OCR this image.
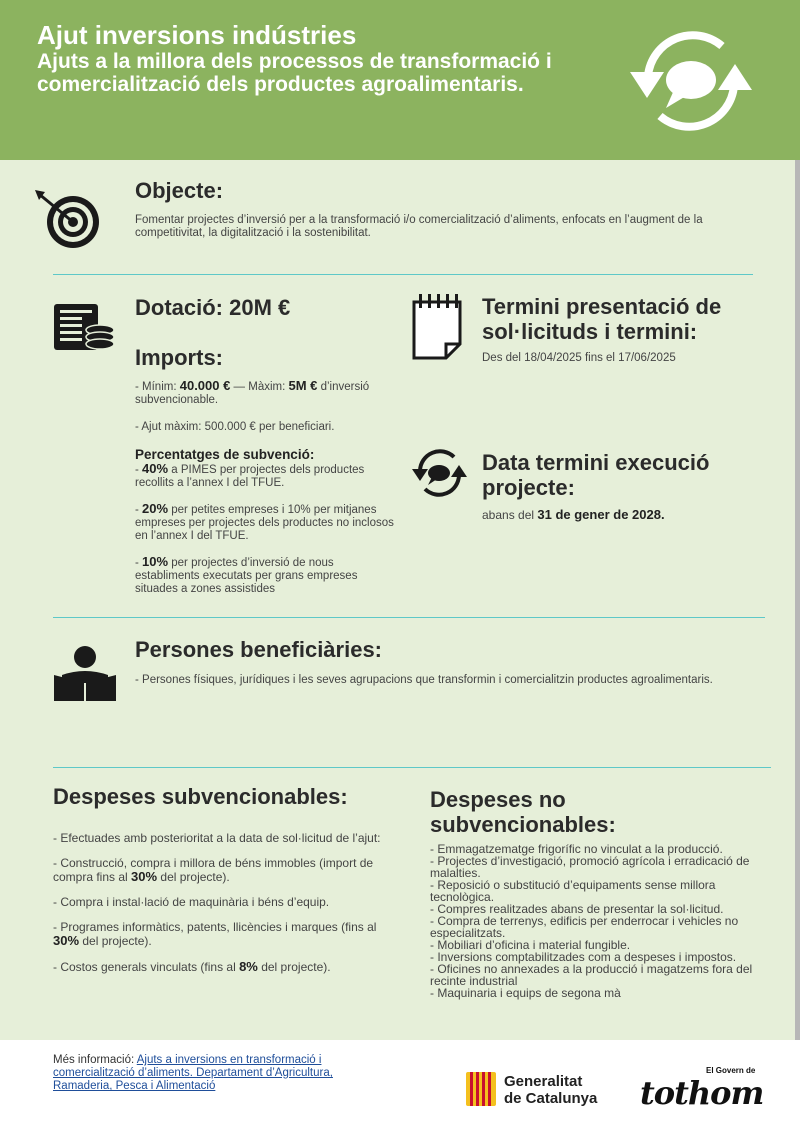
Ajut inversions indústries
Ajuts a la millora dels processos de transformació i comercialització dels productes agroalimentaris.
Objecte:
Fomentar projectes d’inversió per a la transformació i/o comercialització d’aliments, enfocats en l’augment de la competitivitat, la digitalització i la sostenibilitat.
Dotació: 20M €
Imports:

- Mínim: 40.000 € — Màxim: 5M € d’inversió subvencionable.

- Ajut màxim: 500.000 € per beneficiari.

Percentatges de subvenció:

- 40% a PIMES per projectes dels productes recollits a l’annex I del TFUE.

- 20% per petites empreses i 10% per mitjanes empreses per projectes dels productes no inclosos en l’annex I del TFUE.

- 10% per projectes d’inversió de nous establiments executats per grans empreses situades a zones assistides

Termini presentació de sol·licituds i termini:
Des del 18/04/2025 fins el 17/06/2025
Data termini execució projecte:
abans del 31 de gener de 2028.
Persones beneficiàries:
- Persones físiques, jurídiques i les seves agrupacions que transformin i comercialitzin productes agroalimentaris.
Despeses subvencionables:

- Efectuades amb posterioritat a la data de sol·licitud de l’ajut:

- Construcció, compra i millora de béns immobles (import de compra fins al 30% del projecte).

- Compra i instal·lació de maquinària i béns d’equip.

- Programes informàtics, patents, llicències i marques (fins al 30% del projecte).

- Costos generals vinculats (fins al 8% del projecte).

Despeses no subvencionables:
- Emmagatzematge frigorífic no vinculat a la producció.
- Projectes d’investigació, promoció agrícola i erradicació de malalties.
- Reposició o substitució d’equipaments sense millora tecnològica.
- Compres realitzades abans de presentar la sol·licitud.
- Compra de terrenys, edificis per enderrocar i vehicles no especialitzats.
- Mobiliari d’oficina i material fungible.
- Inversions comptabilitzades com a despeses i impostos.
- Oficines no annexades a la producció i magatzems fora del recinte industrial
- Maquinaria i equips de segona mà
Més informació: Ajuts a inversions en transformació i comercialització d’aliments. Departament d’Agricultura, Ramaderia, Pesca i Alimentació	Generalitat
de Catalunya
El Govern de
tothom
